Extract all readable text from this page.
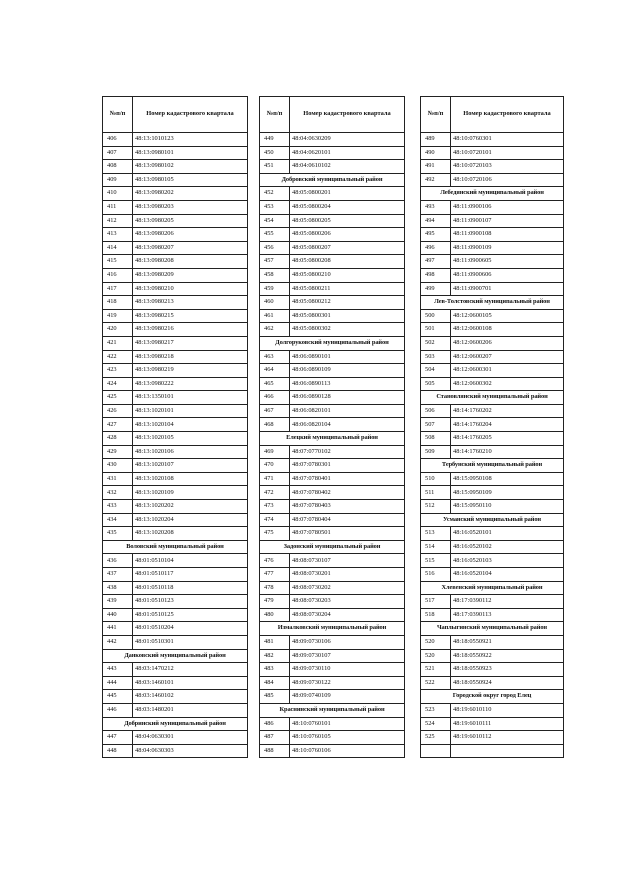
№п/п	Номер кадастрового квартала
406	48:13:1010123
407	48:13:0980101
408	48:13:0980102
409	48:13:0980105
410	48:13:0980202
411	48:13:0980203
412	48:13:0980205
413	48:13:0980206
414	48:13:0980207
415	48:13:0980208
416	48:13:0980209
417	48:13:0980210
418	48:13:0980213
419	48:13:0980215
420	48:13:0980216
421	48:13:0980217
422	48:13:0980218
423	48:13:0980219
424	48:13:0980222
425	48:13:1350101
426	48:13:1020101
427	48:13:1020104
428	48:13:1020105
429	48:13:1020106
430	48:13:1020107
431	48:13:1020108
432	48:13:1020109
433	48:13:1020202
434	48:13:1020204
435	48:13:1020208
Воловский муниципальный район	
436	48:01:0510104
437	48:01:0510117
438	48:01:0510118
439	48:01:0510123
440	48:01:0510125
441	48:01:0510204
442	48:01:0510301
Данковский муниципальный район	
443	48:03:1470212
444	48:03:1460101
445	48:03:1460102
446	48:03:1480201
Добринский муниципальный район	
447	48:04:0630301
448	48:04:0630303
№п/п	Номер кадастрового квартала
449	48:04:0630209
450	48:04:0620101
451	48:04:0610102
Добровский муниципальный район	
452	48:05:0800201
453	48:05:0800204
454	48:05:0800205
455	48:05:0800206
456	48:05:0800207
457	48:05:0800208
458	48:05:0800210
459	48:05:0800211
460	48:05:0800212
461	48:05:0800301
462	48:05:0800302
Долгоруковский муниципальный район	
463	48:06:0890101
464	48:06:0890109
465	48:06:0890113
466	48:06:0890128
467	48:06:0820101
468	48:06:0820104
Елецкий муниципальный район	
469	48:07:0770102
470	48:07:0780301
471	48:07:0780401
472	48:07:0780402
473	48:07:0780403
474	48:07:0780404
475	48:07:0780501
Задонский муниципальный район	
476	48:08:0730107
477	48:08:0730201
478	48:08:0730202
479	48:08:0730203
480	48:08:0730204
Измалковский муниципальный район	
481	48:09:0730106
482	48:09:0730107
483	48:09:0730110
484	48:09:0730122
485	48:09:0740109
Краснинский муниципальный район	
486	48:10:0760101
487	48:10:0760105
488	48:10:0760106
№п/п	Номер кадастрового квартала
489	48:10:0760301
490	48:10:0720101
491	48:10:0720103
492	48:10:0720106
Лебедянский муниципальный район	
493	48:11:0900106
494	48:11:0900107
495	48:11:0900108
496	48:11:0900109
497	48:11:0900605
498	48:11:0900606
499	48:11:0900701
Лев-Толстовский муниципальный район	
500	48:12:0600105
501	48:12:0600108
502	48:12:0600206
503	48:12:0600207
504	48:12:0600301
505	48:12:0600302
Становлянский муниципальный район	
506	48:14:1760202
507	48:14:1760204
508	48:14:1760205
509	48:14:1760210
Тербунский муниципальный район	
510	48:15:0950108
511	48:15:0950109
512	48:15:0950110
Усманский муниципальный район	
513	48:16:0520101
514	48:16:0520102
515	48:16:0520103
516	48:16:0520104
Хлевенский муниципальный район	
517	48:17:0390112
518	48:17:0390113
Чаплыгинский муниципальный район	
520	48:18:0550921
520	48:18:0550922
521	48:18:0550923
522	48:18:0550924
Городской округ город Елец	
523	48:19:6010110
524	48:19:6010111
525	48:19:6010112
